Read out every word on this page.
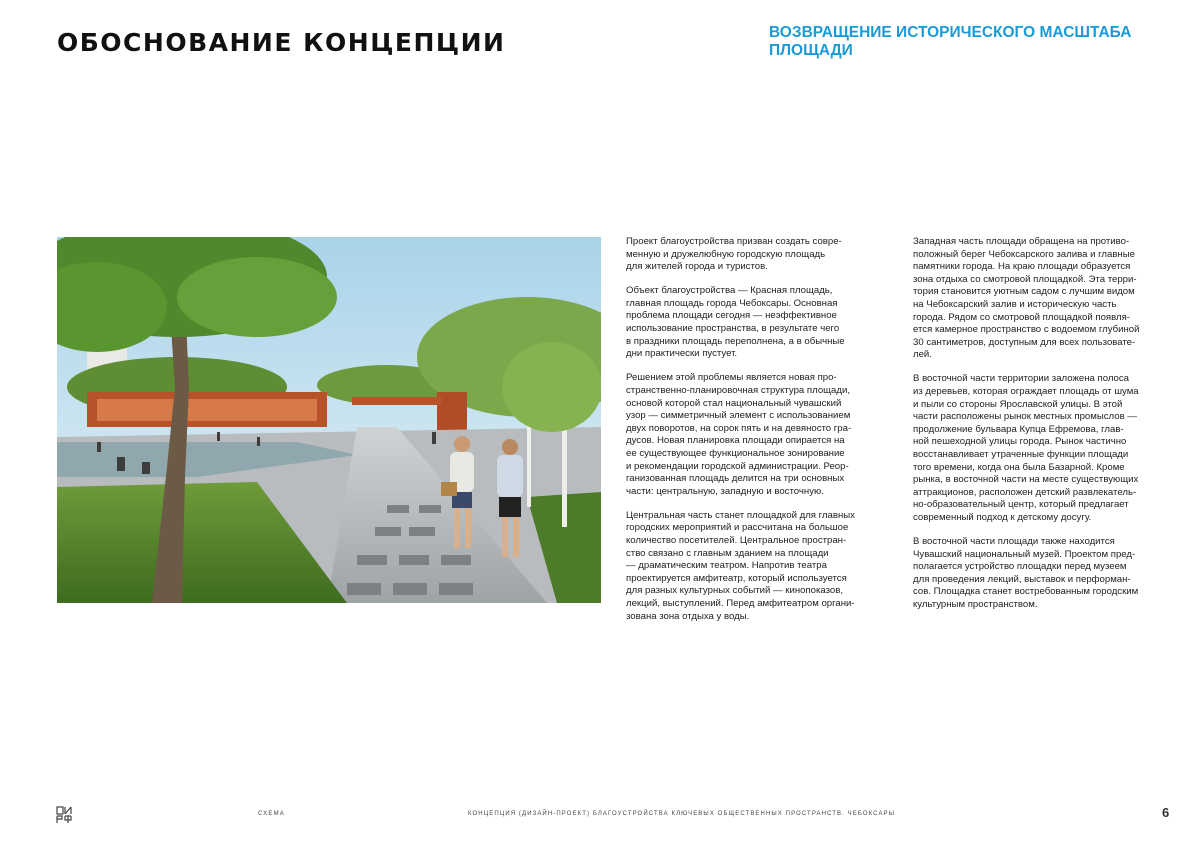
ОБОСНОВАНИЕ КОНЦЕПЦИИ	ВОЗВРАЩЕНИЕ ИСТОРИЧЕСКОГО МАСШТАБА ПЛОЩАДИ

Проект благоустройства призван создать совре-
менную и дружелюбную городскую площадь
для жителей города и туристов.

Объект благоустройства — Красная площадь,
главная площадь города Чебоксары. Основная
проблема площади сегодня — неэффективное
использование пространства, в результате чего
в праздники площадь переполнена, а в обычные
дни практически пустует.

Решением этой проблемы является новая про-
странственно-планировочная структура площади,
основой которой стал национальный чувашский
узор — симметричный элемент с использованием
двух поворотов, на сорок пять и на девяносто гра-
дусов. Новая планировка площади опирается на
ее существующее функциональное зонирование
и рекомендации городской администрации. Реор-
ганизованная площадь делится на три основных
части: центральную, западную и восточную.

Центральная часть станет площадкой для главных
городских мероприятий и рассчитана на большое
количество посетителей. Центральное простран-
ство связано с главным зданием на площади
— драматическим театром. Напротив театра
проектируется амфитеатр, который используется
для разных культурных событий — кинопоказов,
лекций, выступлений. Перед амфитеатром органи-
зована зона отдыха у воды.

Западная часть площади обращена на противо-
положный берег Чебоксарского залива и главные
памятники города. На краю площади образуется
зона отдыха со смотровой площадкой. Эта терри-
тория становится уютным садом с лучшим видом
на Чебоксарский залив и историческую часть
города. Рядом со смотровой площадкой появля-
ется камерное пространство с водоемом глубиной
30 сантиметров, доступным для всех пользовате-
лей.

В восточной части территории заложена полоса
из деревьев, которая ограждает площадь от шума
и пыли со стороны Ярославской улицы. В этой
части расположены рынок местных промыслов —
продолжение бульвара Купца Ефремова, глав-
ной пешеходной улицы города. Рынок частично
восстанавливает утраченные функции площади
того времени, когда она была Базарной. Кроме
рынка, в восточной части на месте существующих
аттракционов, расположен детский развлекатель-
но-образовательный центр, который предлагает
современный подход к детскому досугу.

В восточной части площади также находится
Чувашский национальный музей. Проектом пред-
полагается устройство площадки перед музеем
для проведения лекций, выставок и перформан-
сов. Площадка станет востребованным городским
культурным пространством.

СХЕМА	КОНЦЕПЦИЯ (ДИЗАЙН-ПРОЕКТ) БЛАГОУСТРОЙСТВА КЛЮЧЕВЫХ ОБЩЕСТВЕННЫХ ПРОСТРАНСТВ. ЧЕБОКСАРЫ	6
